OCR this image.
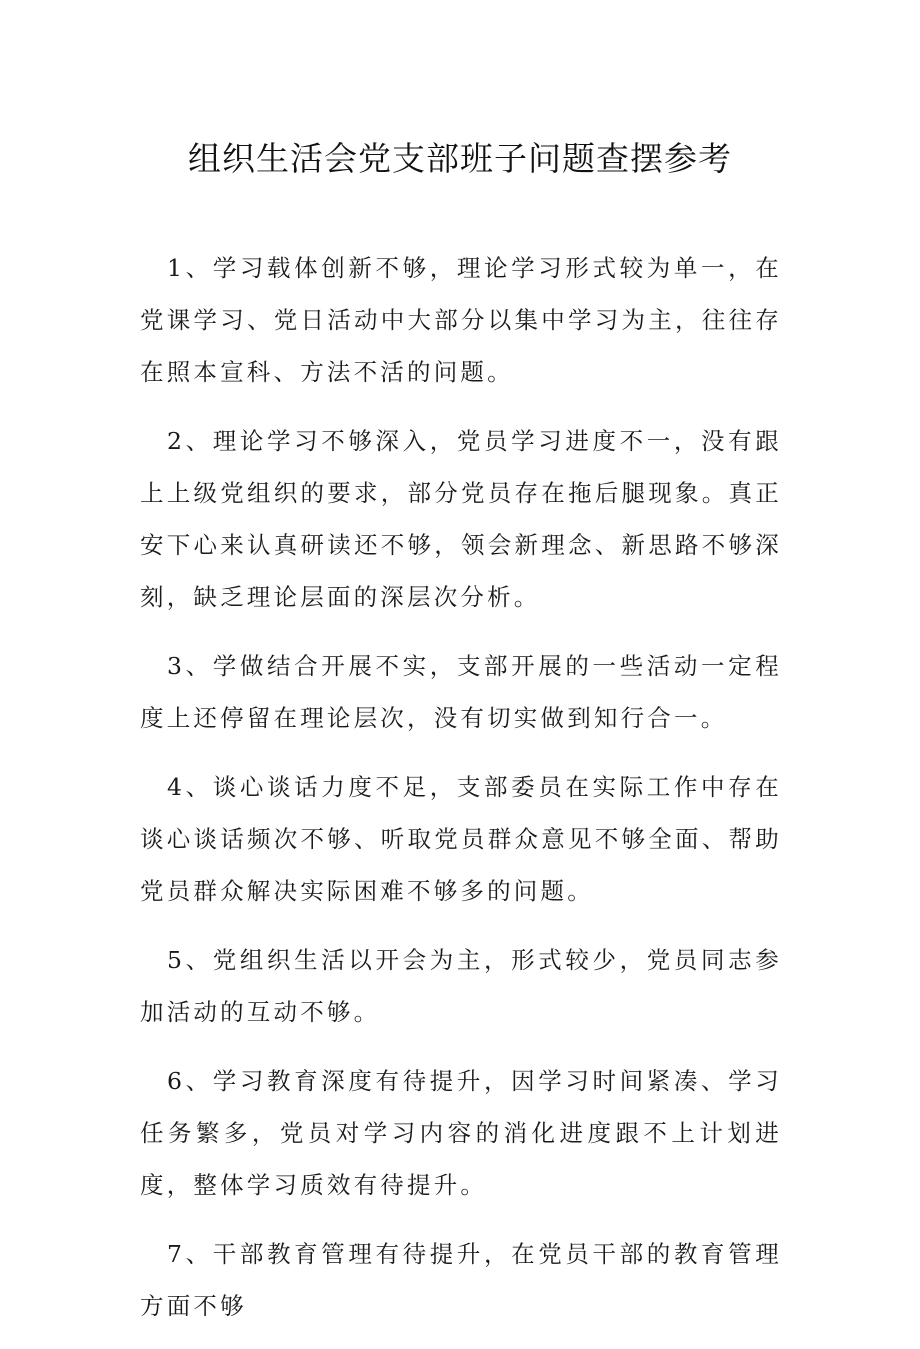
组织生活会党支部班子问题查摆参考

1、学习载体创新不够，理论学习形式较为单一，在党课学习、党日活动中大部分以集中学习为主，往往存在照本宣科、方法不活的问题。

2、理论学习不够深入，党员学习进度不一，没有跟上上级党组织的要求，部分党员存在拖后腿现象。真正安下心来认真研读还不够，领会新理念、新思路不够深刻，缺乏理论层面的深层次分析。

3、学做结合开展不实，支部开展的一些活动一定程度上还停留在理论层次，没有切实做到知行合一。

4、谈心谈话力度不足，支部委员在实际工作中存在谈心谈话频次不够、听取党员群众意见不够全面、帮助党员群众解决实际困难不够多的问题。

5、党组织生活以开会为主，形式较少，党员同志参加活动的互动不够。

6、学习教育深度有待提升，因学习时间紧凑、学习任务繁多，党员对学习内容的消化进度跟不上计划进度，整体学习质效有待提升。

7、干部教育管理有待提升，在党员干部的教育管理方面不够
